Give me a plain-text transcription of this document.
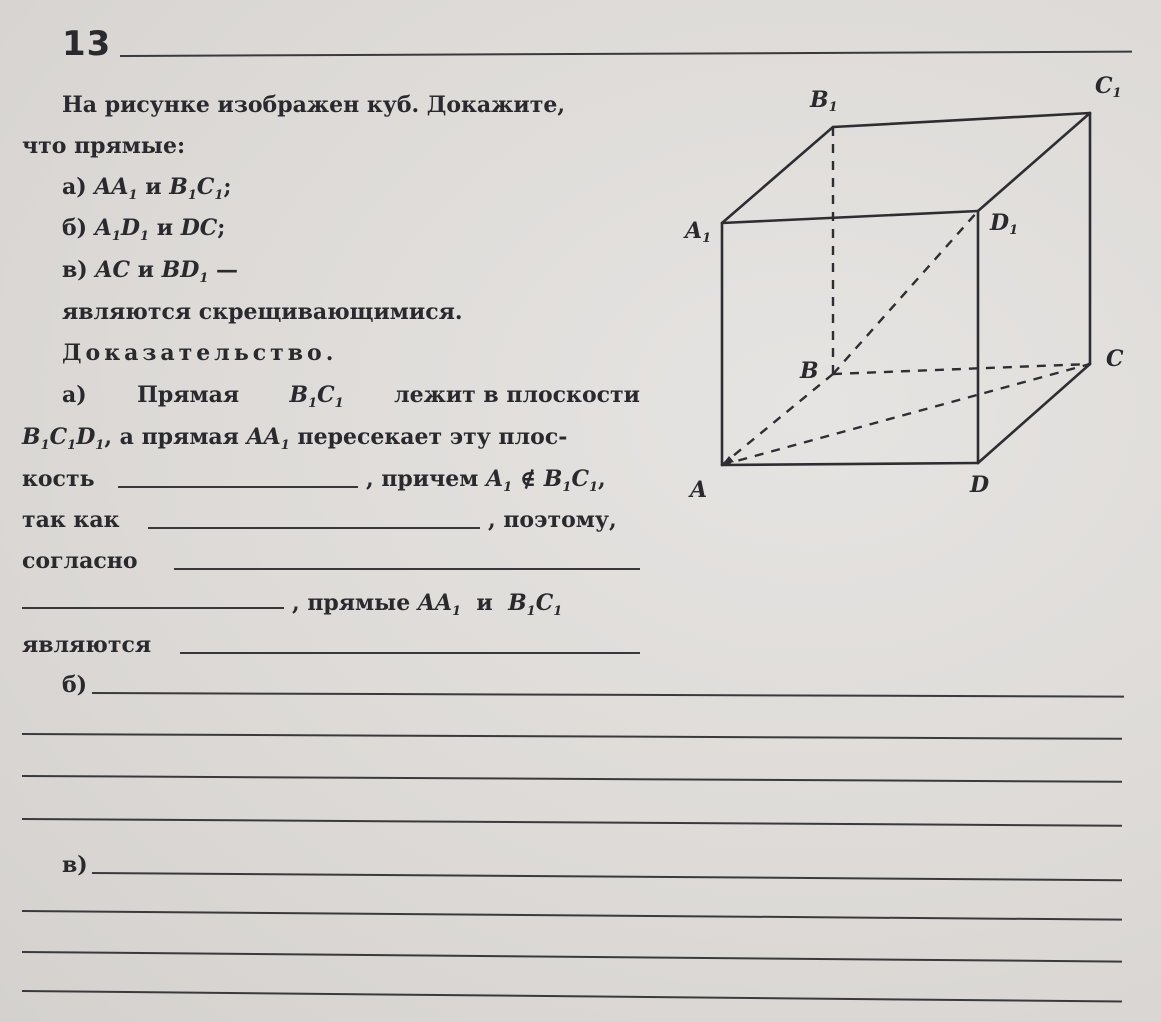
13
На рисунке изображен куб. Докажите,
что прямые:
а) $AA_1$ и $B_1C_1$;
б) $A_1D_1$ и DC;
в) AC и $BD_1$ —
являются скрещивающимися.
Доказательство.
а) Прямая $B_1C_1$ лежит в плоскости
$B_1C_1D_1$, а прямая $AA_1$ пересекает эту плос-
кость	, причем $A_1$ ∉ $B_1C_1$,
так как	, поэтому,
согласно
, прямые $AA_1$ и $B_1C_1$
являются
б)
в)
B1
C1
A1
D1
B	C
A	D
